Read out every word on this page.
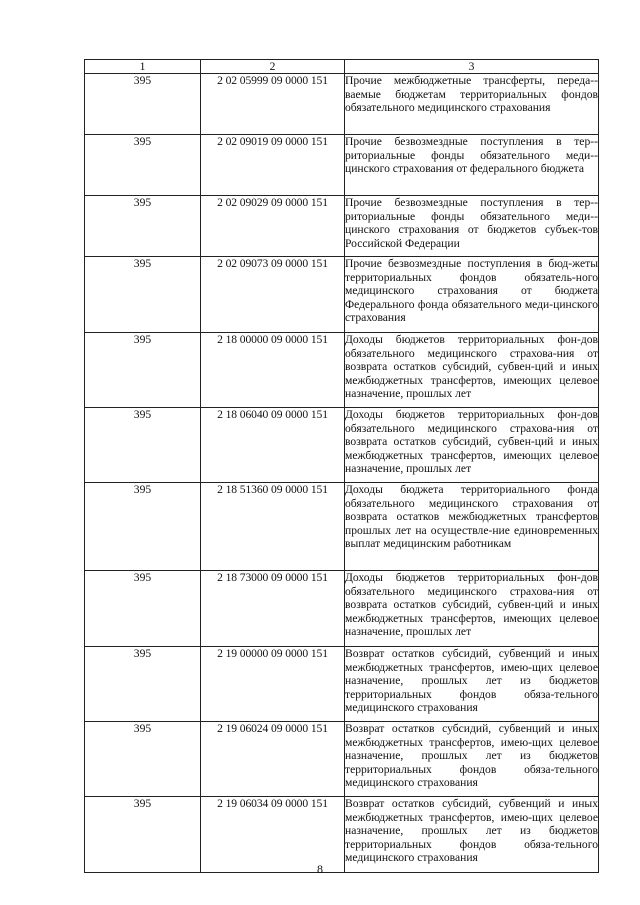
1	2	3
395	2 02 05999 09 0000 151	Прочие межбюджетные трансферты, переда-ваемые бюджетам территориальных фондов обязательного медицинского страхования
395	2 02 09019 09 0000 151	Прочие безвозмездные поступления в тер-риториальные фонды обязательного меди-цинского страхования от федерального бюджета
395	2 02 09029 09 0000 151	Прочие безвозмездные поступления в тер-риториальные фонды обязательного меди-цинского страхования от бюджетов субъек-тов Российской Федерации
395	2 02 09073 09 0000 151	Прочие безвозмездные поступления в бюд-жеты территориальных фондов обязатель-ного медицинского страхования от бюджета Федерального фонда обязательного меди-цинского страхования
395	2 18 00000 09 0000 151	Доходы бюджетов территориальных фон-дов обязательного медицинского страхова-ния от возврата остатков субсидий, субвен-ций и иных межбюджетных трансфертов, имеющих целевое назначение, прошлых лет
395	2 18 06040 09 0000 151	Доходы бюджетов территориальных фон-дов обязательного медицинского страхова-ния от возврата остатков субсидий, субвен-ций и иных межбюджетных трансфертов, имеющих целевое назначение, прошлых лет
395	2 18 51360 09 0000 151	Доходы бюджета территориального фонда обязательного медицинского страхования от возврата остатков межбюджетных трансфертов прошлых лет на осуществле-ние единовременных выплат медицинским работникам
395	2 18 73000 09 0000 151	Доходы бюджетов территориальных фон-дов обязательного медицинского страхова-ния от возврата остатков субсидий, субвен-ций и иных межбюджетных трансфертов, имеющих целевое назначение, прошлых лет
395	2 19 00000 09 0000 151	Возврат остатков субсидий, субвенций и иных межбюджетных трансфертов, имею-щих целевое назначение, прошлых лет из бюджетов территориальных фондов обяза-тельного медицинского страхования
395	2 19 06024 09 0000 151	Возврат остатков субсидий, субвенций и иных межбюджетных трансфертов, имею-щих целевое назначение, прошлых лет из бюджетов территориальных фондов обяза-тельного медицинского страхования
395	2 19 06034 09 0000 151	Возврат остатков субсидий, субвенций и иных межбюджетных трансфертов, имею-щих целевое назначение, прошлых лет из бюджетов территориальных фондов обяза-тельного медицинского страхования
8
